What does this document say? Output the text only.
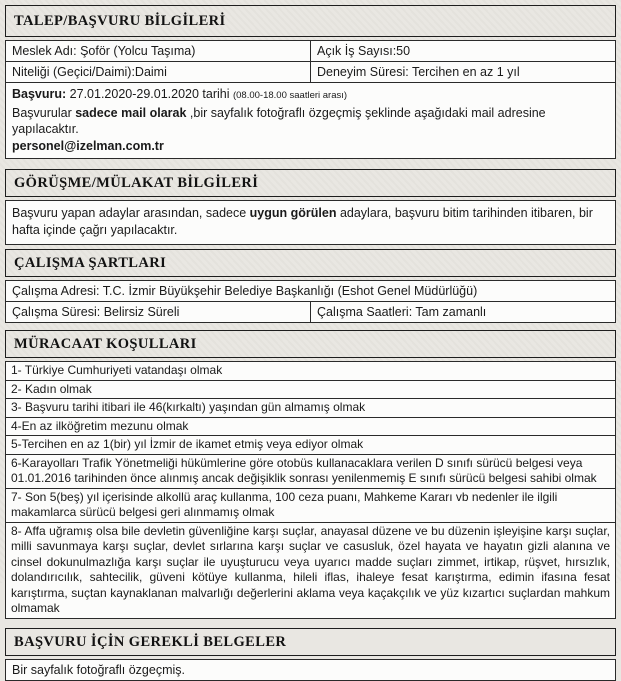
TALEP/BAŞVURU BİLGİLERİ
Meslek Adı: Şoför (Yolcu Taşıma)	Açık İş Sayısı:50
Niteliği (Geçici/Daimi):Daimi	Deneyim Süresi: Tercihen en az 1 yıl
Başvuru: 27.01.2020-29.01.2020 tarihi (08.00-18.00 saatleri arası)
Başvurular sadece mail olarak ,bir sayfalık fotoğraflı özgeçmiş şeklinde aşağıdaki mail adresine yapılacaktır.
personel@izelman.com.tr
GÖRÜŞME/MÜLAKAT BİLGİLERİ
Başvuru yapan adaylar arasından, sadece uygun görülen adaylara, başvuru bitim tarihinden itibaren, bir hafta içinde çağrı yapılacaktır.
ÇALIŞMA ŞARTLARI
Çalışma Adresi: T.C. İzmir Büyükşehir Belediye Başkanlığı (Eshot Genel Müdürlüğü)
Çalışma Süresi: Belirsiz Süreli	Çalışma Saatleri: Tam zamanlı
MÜRACAAT KOŞULLARI
1- Türkiye Cumhuriyeti vatandaşı olmak
2- Kadın olmak
3- Başvuru tarihi itibari ile 46(kırkaltı) yaşından gün almamış olmak
4-En az ilköğretim mezunu olmak
5-Tercihen en az 1(bir) yıl İzmir de ikamet etmiş veya ediyor olmak
6-Karayolları Trafik Yönetmeliği hükümlerine göre otobüs kullanacaklara verilen D sınıfı sürücü belgesi veya 01.01.2016 tarihinden önce alınmış ancak değişiklik sonrası yenilenmemiş E sınıfı sürücü belgesi sahibi olmak
7- Son 5(beş) yıl içerisinde alkollü araç kullanma, 100 ceza puanı, Mahkeme Kararı vb nedenler ile ilgili makamlarca sürücü belgesi geri alınmamış olmak
8- Affa uğramış olsa bile devletin güvenliğine karşı suçlar, anayasal düzene ve bu düzenin işleyişine karşı suçlar, milli savunmaya karşı suçlar, devlet sırlarına karşı suçlar ve casusluk, özel hayata ve hayatın gizli alanına ve cinsel dokunulmazlığa karşı suçlar ile uyuşturucu veya uyarıcı madde suçları zimmet, irtikap, rüşvet, hırsızlık, dolandırıcılık, sahtecilik, güveni kötüye kullanma, hileli iflas, ihaleye fesat karıştırma, edimin ifasına fesat karıştırma, suçtan kaynaklanan malvarlığı değerlerini aklama veya kaçakçılık ve yüz kızartıcı suçlardan mahkum olmamak
BAŞVURU İÇİN GEREKLİ BELGELER
Bir sayfalık fotoğraflı özgeçmiş.
